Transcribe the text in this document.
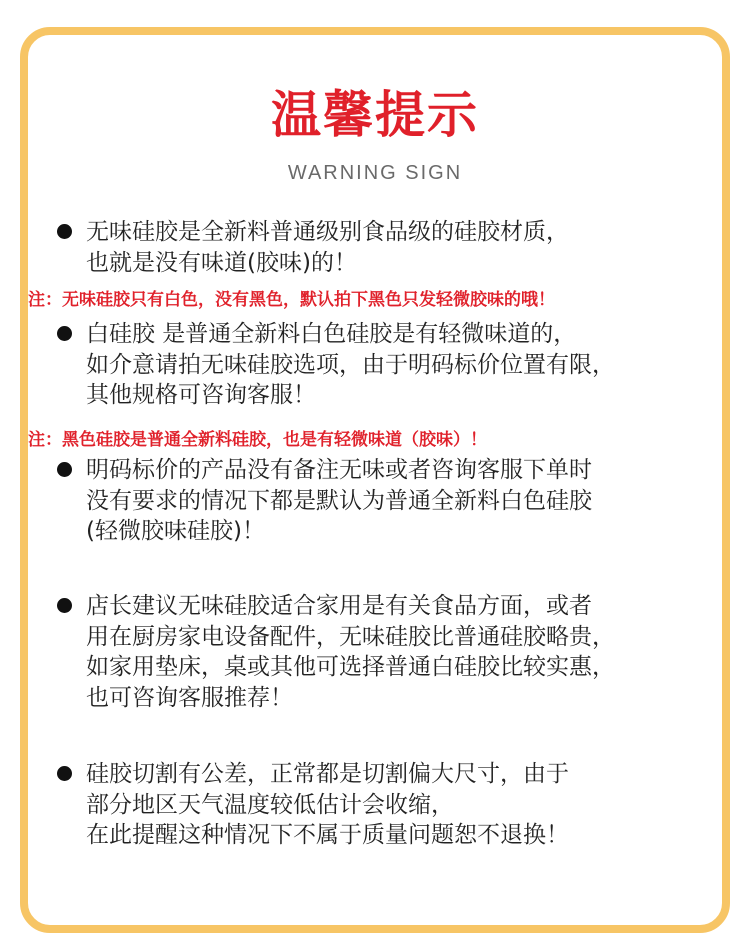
温馨提示
WARNING SIGN
无味硅胶是全新料普通级别食品级的硅胶材质，
也就是没有味道(胶味)的！
注：无味硅胶只有白色，没有黑色，默认拍下黑色只发轻微胶味的哦！
白硅胶 是普通全新料白色硅胶是有轻微味道的，
如介意请拍无味硅胶选项，由于明码标价位置有限，
其他规格可咨询客服！
注：黑色硅胶是普通全新料硅胶，也是有轻微味道（胶味）！
明码标价的产品没有备注无味或者咨询客服下单时
没有要求的情况下都是默认为普通全新料白色硅胶
(轻微胶味硅胶)！
店长建议无味硅胶适合家用是有关食品方面，或者
用在厨房家电设备配件，无味硅胶比普通硅胶略贵，
如家用垫床，桌或其他可选择普通白硅胶比较实惠，
也可咨询客服推荐！
硅胶切割有公差，正常都是切割偏大尺寸，由于
部分地区天气温度较低估计会收缩，
在此提醒这种情况下不属于质量问题恕不退换！
